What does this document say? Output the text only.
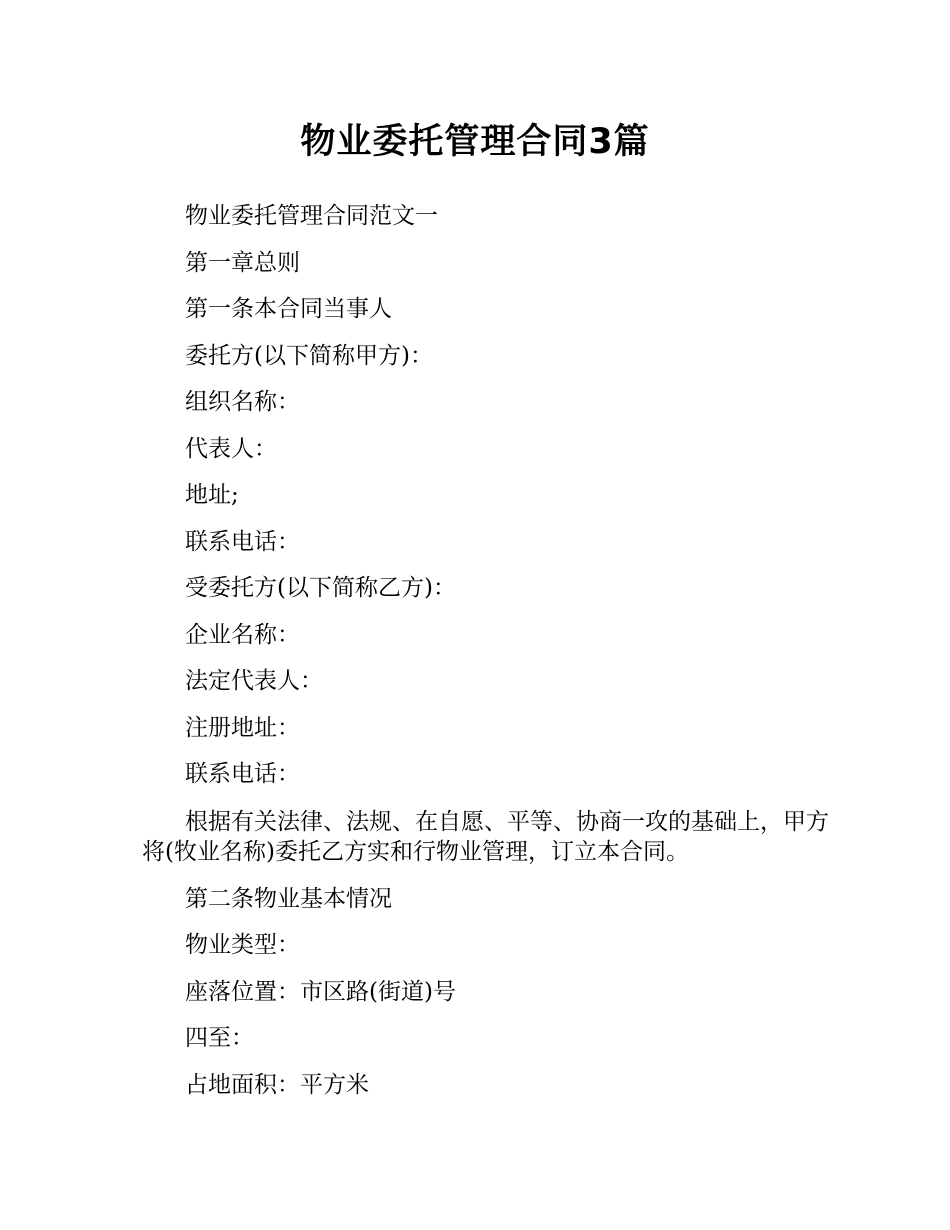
物业委托管理合同3篇

物业委托管理合同范文一

第一章总则

第一条本合同当事人

委托方(以下简称甲方)：

组织名称：

代表人：

地址;

联系电话：

受委托方(以下简称乙方)：

企业名称：

法定代表人：

注册地址：

联系电话：

根据有关法律、法规、在自愿、平等、协商一攻的基础上，甲方将(牧业名称)委托乙方实和行物业管理，订立本合同。

第二条物业基本情况

物业类型：

座落位置：市区路(街道)号

四至：

占地面积：平方米
